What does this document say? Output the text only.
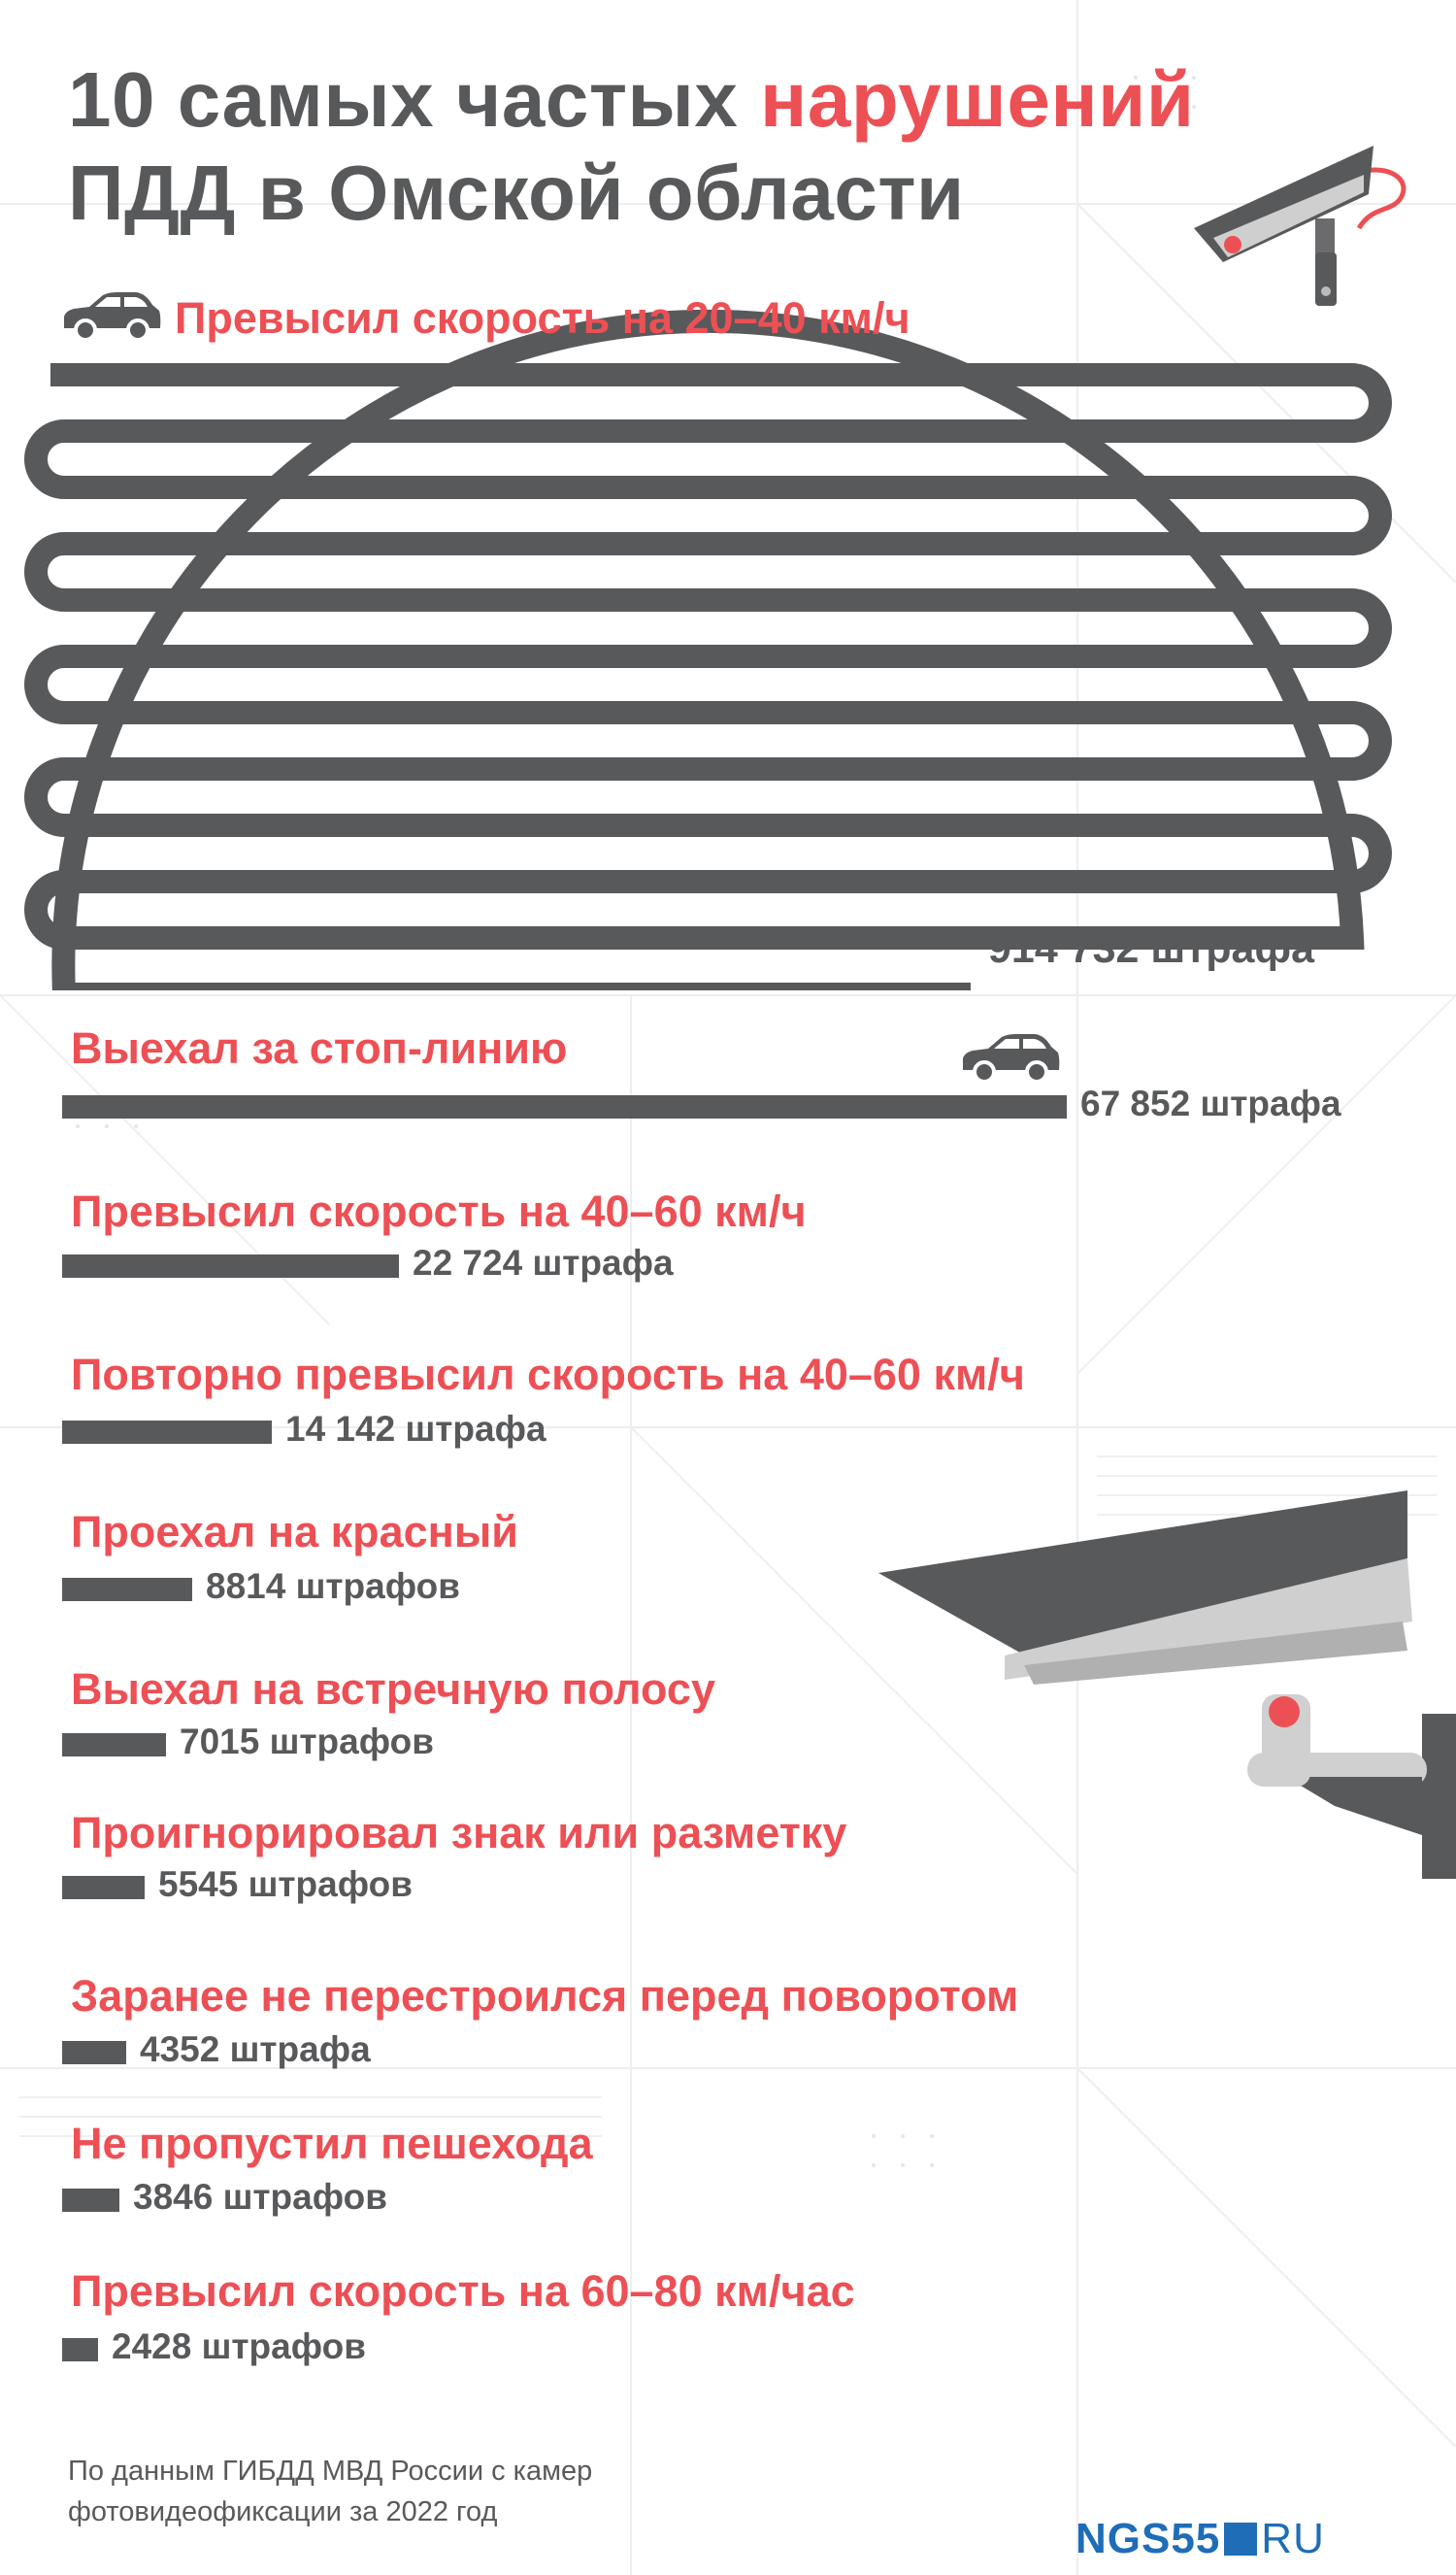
10 самых частых нарушений
ПДД в Омской области

Превысил скорость на 20–40 км/ч

914 732 штрафа

Выехал за стоп-линию

67 852 штрафа

Превысил скорость на 40–60 км/ч

22 724 штрафа

Повторно превысил скорость на 40–60 км/ч

14 142 штрафа

Проехал на красный

8814 штрафов

Выехал на встречную полосу

7015 штрафов

Проигнорировал знак или разметку

5545 штрафов

Заранее не перестроился перед поворотом

4352 штрафа

Не пропустил пешехода

3846 штрафов

Превысил скорость на 60–80 км/час

2428 штрафов

По данным ГИБДД МВД России с камер
фотовидеофиксации за 2022 год

NGS55 RU
